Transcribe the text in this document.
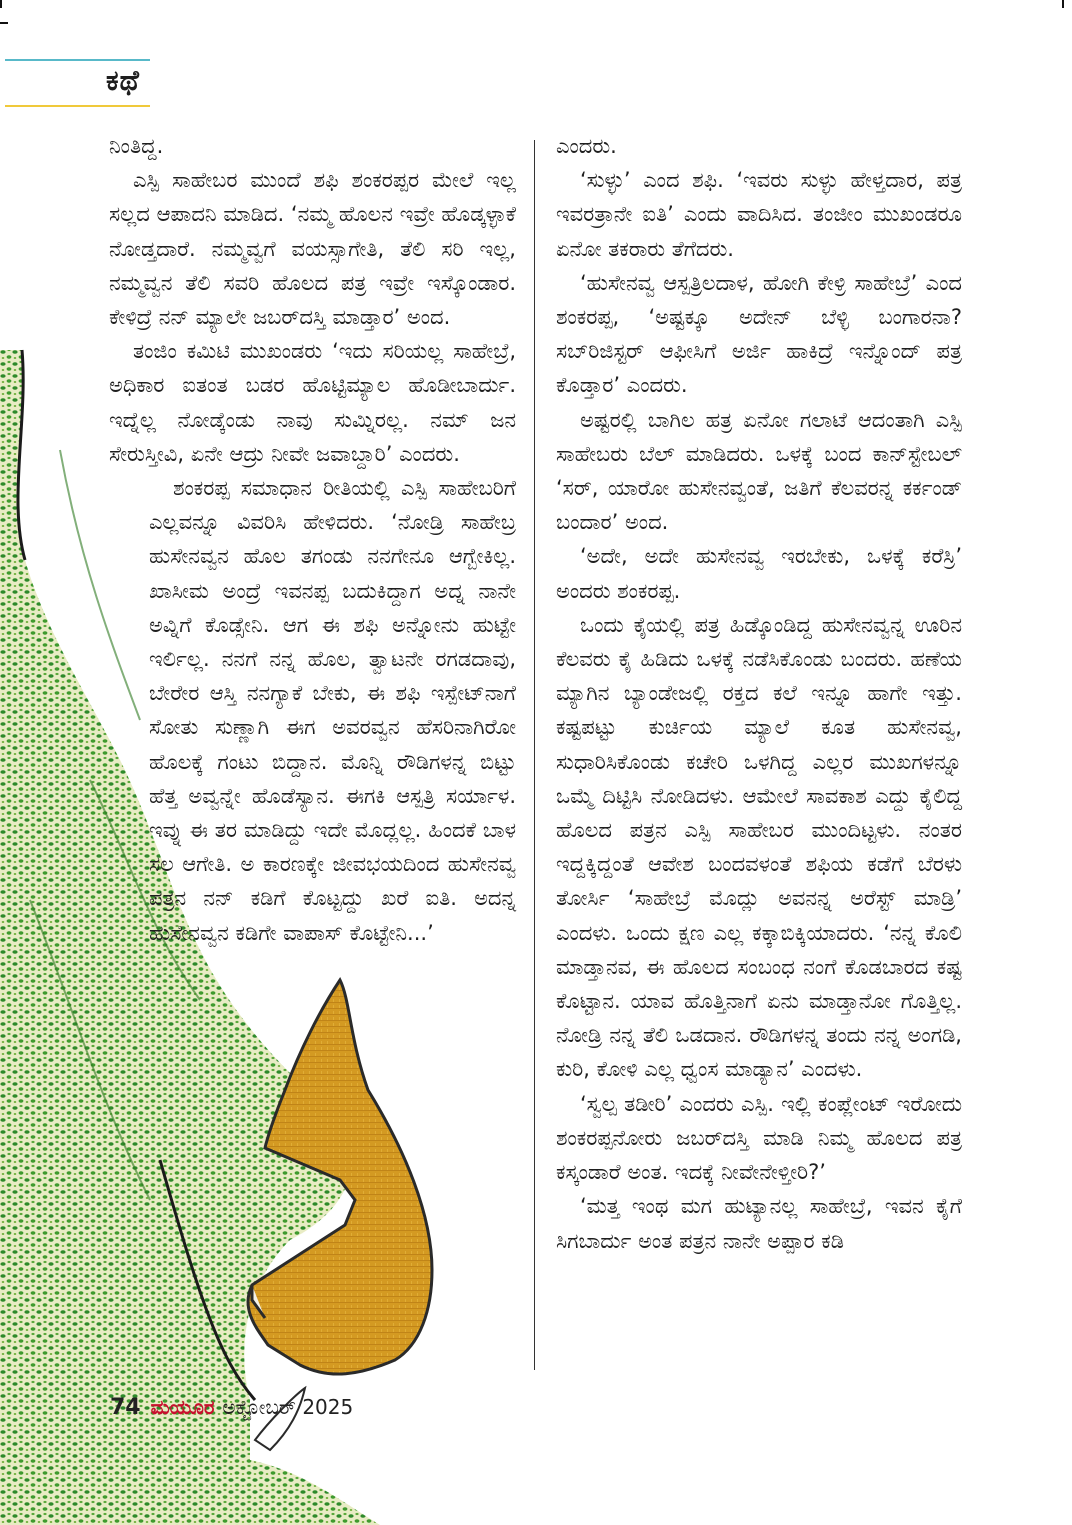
ಕಥೆ

ನಿಂತಿದ್ದ.

ಎಸ್ಪಿ ಸಾಹೇಬರ ಮುಂದೆ ಶಫಿ ಶಂಕರಪ್ಪರ ಮೇಲೆ ಇಲ್ಲ ಸಲ್ಲದ ಆಪಾದನಿ ಮಾಡಿದ. ‘ನಮ್ಮ ಹೊಲನ ಇವ್ರೇ ಹೊಡ್ಕಳ್ಳಾಕೆ ನೋಡ್ತದಾರೆ. ನಮ್ಮವ್ವಗೆ ವಯಸ್ಸಾಗೇತಿ, ತೆಲಿ ಸರಿ ಇಲ್ಲ, ನಮ್ಮವ್ವನ ತೆಲಿ ಸವರಿ ಹೊಲದ ಪತ್ರ ಇವ್ರೇ ಇಸ್ಕೊಂಡಾರ. ಕೇಳಿದ್ರೆ ನನ್ ಮ್ಯಾಲೇ ಜಬರ್‌ದಸ್ತಿ ಮಾಡ್ತಾರ’ ಅಂದ.

ತಂಜಿಂ ಕಮಿಟಿ ಮುಖಂಡರು ‘ಇದು ಸರಿಯಲ್ಲ ಸಾಹೇಬ್ರೆ, ಅಧಿಕಾರ ಐತಂತ ಬಡರ ಹೊಟ್ಟಿಮ್ಯಾಲ ಹೊಡೀಬಾರ್ದು. ಇದ್ನೆಲ್ಲ ನೋಡ್ಕೆಂಡು ನಾವು ಸುಮ್ನಿರಲ್ಲ. ನಮ್ ಜನ ಸೇರುಸ್ತೀವಿ, ಏನೇ ಆದ್ರು ನೀವೇ ಜವಾಬ್ದಾರಿ’ ಎಂದರು.

ಶಂಕರಪ್ಪ ಸಮಾಧಾನ ರೀತಿಯಲ್ಲಿ ಎಸ್ಪಿ ಸಾಹೇಬರಿಗೆ ಎಲ್ಲವನ್ನೂ ವಿವರಿಸಿ ಹೇಳಿದರು. ‘ನೋಡ್ರಿ ಸಾಹೇಬ್ರ ಹುಸೇನವ್ವನ ಹೊಲ ತಗಂಡು ನನಗೇನೂ ಆಗ್ಬೇಕಿಲ್ಲ. ಖಾಸೀಮ ಅಂದ್ರೆ ಇವನಪ್ಪ ಬದುಕಿದ್ದಾಗ ಅದ್ನ ನಾನೇ ಅವ್ನಿಗೆ ಕೊಡ್ಸೇನಿ. ಆಗ ಈ ಶಫಿ ಅನ್ನೋನು ಹುಟ್ಟೇ ಇರ್ಲಿಲ್ಲ. ನನಗೆ ನನ್ನ ಹೊಲ, ತ್ವಾಟನೇ ರಗಡದಾವು, ಬೇರೇರ ಆಸ್ತಿ ನನಗ್ಯಾಕೆ ಬೇಕು, ಈ ಶಫಿ ಇಸ್ಪೇಟ್‌ನಾಗೆ ಸೋತು ಸುಣ್ಣಾಗಿ ಈಗ ಅವರವ್ವನ ಹೆಸರಿನಾಗಿರೋ ಹೊಲಕ್ಕೆ ಗಂಟು ಬಿದ್ದಾನ. ಮೊನ್ನಿ ರೌಡಿಗಳನ್ನ ಬಿಟ್ಟು ಹೆತ್ತ ಅವ್ವನ್ನೇ ಹೊಡೆಸ್ಯಾನ. ಈಗಕಿ ಆಸ್ಪತ್ರಿ ಸರ್ಯಾಳ. ಇವ್ನು ಈ ತರ ಮಾಡಿದ್ದು ಇದೇ ಮೊದ್ಲಲ್ಲ. ಹಿಂದಕೆ ಬಾಳ ಸಲ ಆಗೇತಿ. ಅ ಕಾರಣಕ್ಕೇ ಜೀವಭಯದಿಂದ ಹುಸೇನವ್ವ ಪತ್ರನ ನನ್ ಕಡಿಗೆ ಕೊಟ್ಟದ್ದು ಖರೆ ಐತಿ. ಅದನ್ನ ಹುಸೇನವ್ವನ ಕಡಿಗೇ ವಾಪಾಸ್ ಕೊಟ್ಟೇನಿ...’

ಎಂದರು.

‘ಸುಳ್ಳು’ ಎಂದ ಶಫಿ. ‘ಇವರು ಸುಳ್ಳು ಹೇಳ್ತದಾರ, ಪತ್ರ ಇವರತ್ರಾನೇ ಐತಿ’ ಎಂದು ವಾದಿಸಿದ. ತಂಜೀಂ ಮುಖಂಡರೂ ಏನೋ ತಕರಾರು ತೆಗೆದರು.

‘ಹುಸೇನವ್ವ ಆಸ್ಪತ್ರಿಲದಾಳ, ಹೋಗಿ ಕೇಳ್ರಿ ಸಾಹೇಬ್ರೆ’ ಎಂದ ಶಂಕರಪ್ಪ, ‘ಅಷ್ಟಕ್ಕೂ ಅದೇನ್ ಬೆಳ್ಳಿ ಬಂಗಾರನಾ? ಸಬ್‌ರಿಜಿಸ್ಟರ್ ಆಫೀಸಿಗೆ ಅರ್ಜಿ ಹಾಕಿದ್ರೆ ಇನ್ನೊಂದ್ ಪತ್ರ ಕೊಡ್ತಾರ’ ಎಂದರು.

ಅಷ್ಟರಲ್ಲಿ ಬಾಗಿಲ ಹತ್ರ ಏನೋ ಗಲಾಟೆ ಆದಂತಾಗಿ ಎಸ್ಪಿ ಸಾಹೇಬರು ಬೆಲ್ ಮಾಡಿದರು. ಒಳಕ್ಕೆ ಬಂದ ಕಾನ್‌ಸ್ಟೇಬಲ್ ‘ಸರ್, ಯಾರೋ ಹುಸೇನವ್ವಂತೆ, ಜತಿಗೆ ಕೆಲವರನ್ನ ಕರ್ಕಂಡ್ ಬಂದಾರ’ ಅಂದ.

‘ಅದೇ, ಅದೇ ಹುಸೇನವ್ವ ಇರಬೇಕು, ಒಳಕ್ಕೆ ಕರೆಸ್ರಿ’ ಅಂದರು ಶಂಕರಪ್ಪ.

ಒಂದು ಕೈಯಲ್ಲಿ ಪತ್ರ ಹಿಡ್ಕೊಂಡಿದ್ದ ಹುಸೇನವ್ವನ್ನ ಊರಿನ ಕೆಲವರು ಕೈ ಹಿಡಿದು ಒಳಕ್ಕೆ ನಡೆಸಿಕೊಂಡು ಬಂದರು. ಹಣೆಯ ಮ್ಯಾಗಿನ ಬ್ಯಾಂಡೇಜಲ್ಲಿ ರಕ್ತದ ಕಲೆ ಇನ್ನೂ ಹಾಗೇ ಇತ್ತು. ಕಷ್ಟಪಟ್ಟು ಕುರ್ಚಿಯ ಮ್ಯಾಲೆ ಕೂತ ಹುಸೇನವ್ವ, ಸುಧಾರಿಸಿಕೊಂಡು ಕಚೇರಿ ಒಳಗಿದ್ದ ಎಲ್ಲರ ಮುಖಗಳನ್ನೂ ಒಮ್ಮೆ ದಿಟ್ಟಿಸಿ ನೋಡಿದಳು. ಆಮೇಲೆ ಸಾವಕಾಶ ಎದ್ದು ಕೈಲಿದ್ದ ಹೊಲದ ಪತ್ರನ ಎಸ್ಪಿ ಸಾಹೇಬರ ಮುಂದಿಟ್ಟಳು. ನಂತರ ಇದ್ದಕ್ಕಿದ್ದಂತೆ ಆವೇಶ ಬಂದವಳಂತೆ ಶಫಿಯ ಕಡೆಗೆ ಬೆರಳು ತೋರ್ಸಿ ‘ಸಾಹೇಬ್ರೆ ಮೊದ್ಲು ಅವನನ್ನ ಅರೆಸ್ಟ್ ಮಾಡ್ರಿ’ ಎಂದಳು. ಒಂದು ಕ್ಷಣ ಎಲ್ಲ ಕಕ್ಕಾಬಿಕ್ಕಿಯಾದರು. ‘ನನ್ನ ಕೊಲಿ ಮಾಡ್ತಾನವ, ಈ ಹೊಲದ ಸಂಬಂಧ ನಂಗೆ ಕೊಡಬಾರದ ಕಷ್ಟ ಕೊಟ್ಟಾನ. ಯಾವ ಹೊತ್ತಿನಾಗೆ ಏನು ಮಾಡ್ತಾನೋ ಗೊತ್ತಿಲ್ಲ. ನೋಡ್ರಿ ನನ್ನ ತೆಲಿ ಒಡದಾನ. ರೌಡಿಗಳನ್ನ ತಂದು ನನ್ನ ಅಂಗಡಿ, ಕುರಿ, ಕೋಳಿ ಎಲ್ಲ ಧ್ವಂಸ ಮಾಡ್ಯಾನ’ ಎಂದಳು.

‘ಸ್ವಲ್ಪ ತಡೀರಿ’ ಎಂದರು ಎಸ್ಪಿ. ಇಲ್ಲಿ ಕಂಪ್ಲೇಂಟ್ ಇರೋದು ಶಂಕರಪ್ಪನೋರು ಜಬರ್‌ದಸ್ತಿ ಮಾಡಿ ನಿಮ್ಮ ಹೊಲದ ಪತ್ರ ಕಸ್ಕಂಡಾರೆ ಅಂತ. ಇದಕ್ಕೆ ನೀವೇನೇಳ್ತೀರಿ?’

‘ಮತ್ತ ಇಂಥ ಮಗ ಹುಟ್ಯಾನಲ್ಲ ಸಾಹೇಬ್ರೆ, ಇವನ ಕೈಗೆ ಸಿಗಬಾರ್ದು ಅಂತ ಪತ್ರನ ನಾನೇ ಅಪ್ಪಾರ ಕಡಿ

74 ಮಯೂರ ಅಕ್ಟೋಬರ್ 2025
